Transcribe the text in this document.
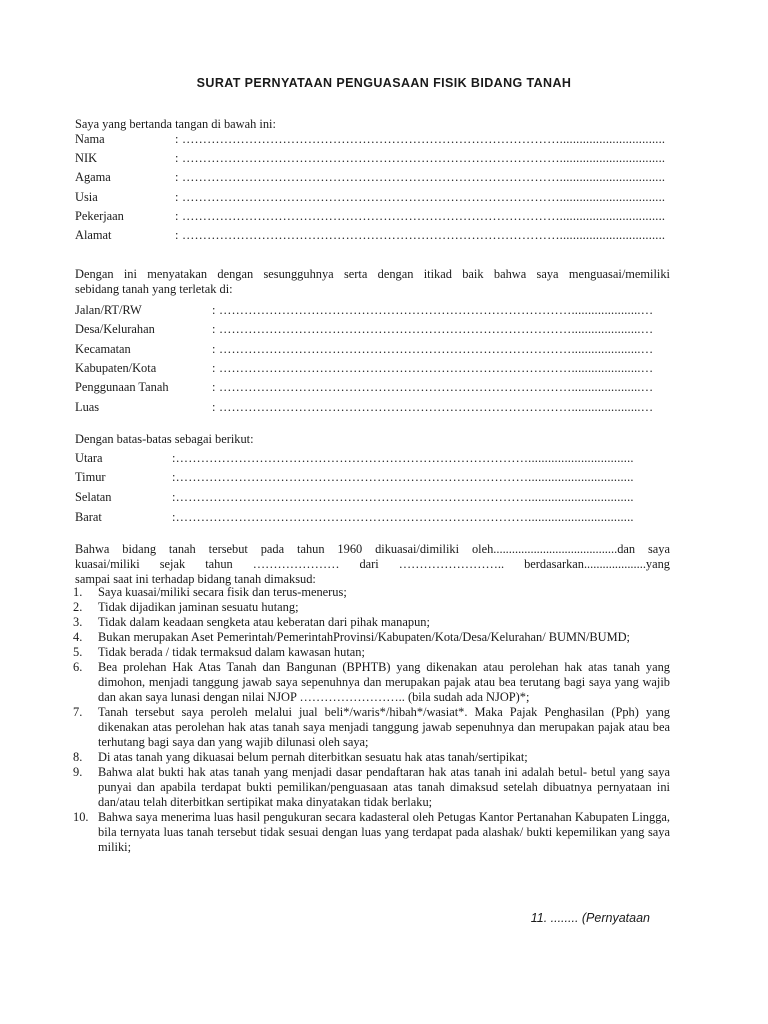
SURAT PERNYATAAN PENGUASAAN FISIK BIDANG TANAH
Saya yang bertanda tangan di bawah ini:
Nama	: ………………………………………………………………………………................................
NIK	: ………………………………………………………………………………................................
Agama	: ………………………………………………………………………………................................
Usia	: ………………………………………………………………………………................................
Pekerjaan	: ………………………………………………………………………………................................
Alamat	: ………………………………………………………………………………................................
Dengan ini menyatakan dengan sesungguhnya serta dengan itikad baik bahwa saya menguasai/memiliki
sebidang tanah yang terletak di:
Jalan/RT/RW	: ………………………………………………………………………….....................…
Desa/Kelurahan	: ………………………………………………………………………….....................…
Kecamatan	: ………………………………………………………………………….....................…
Kabupaten/Kota	: ………………………………………………………………………….....................…
Penggunaan Tanah	: ………………………………………………………………………….....................…
Luas	: ………………………………………………………………………….....................…
Dengan batas-batas sebagai berikut:
Utara	:…………………………………………………………………………................................
Timur	:…………………………………………………………………………................................
Selatan	:…………………………………………………………………………................................
Barat	:…………………………………………………………………………................................
Bahwa bidang tanah tersebut pada tahun 1960 dikuasai/dimiliki oleh........................................dan saya
kuasai/miliki sejak tahun ………………… dari …………………….. berdasarkan....................yang
sampai saat ini terhadap bidang tanah dimaksud:
1. Saya kuasai/miliki secara fisik dan terus-menerus;
2. Tidak dijadikan jaminan sesuatu hutang;
3. Tidak dalam keadaan sengketa atau keberatan dari pihak manapun;
4. Bukan merupakan Aset Pemerintah/PemerintahProvinsi/Kabupaten/Kota/Desa/Kelurahan/ BUMN/BUMD;
5. Tidak berada / tidak termaksud dalam kawasan hutan;
6. Bea prolehan Hak Atas Tanah dan Bangunan (BPHTB) yang dikenakan atau perolehan hak atas tanah yang dimohon, menjadi tanggung jawab saya sepenuhnya dan merupakan pajak atau bea terutang bagi saya yang wajib dan akan saya lunasi dengan nilai NJOP …………………….. (bila sudah ada NJOP)*;
7. Tanah tersebut saya peroleh melalui jual beli*/waris*/hibah*/wasiat*. Maka Pajak Penghasilan (Pph) yang dikenakan atas perolehan hak atas tanah saya menjadi tanggung jawab sepenuhnya dan merupakan pajak atau bea terhutang bagi saya dan yang wajib dilunasi oleh saya;
8. Di atas tanah yang dikuasai belum pernah diterbitkan sesuatu hak atas tanah/sertipikat;
9. Bahwa alat bukti hak atas tanah yang menjadi dasar pendaftaran hak atas tanah ini adalah betul- betul yang saya punyai dan apabila terdapat bukti pemilikan/penguasaan atas tanah dimaksud setelah dibuatnya pernyataan ini dan/atau telah diterbitkan sertipikat maka dinyatakan tidak berlaku;
10. Bahwa saya menerima luas hasil pengukuran secara kadasteral oleh Petugas Kantor Pertanahan Kabupaten Lingga, bila ternyata luas tanah tersebut tidak sesuai dengan luas yang terdapat pada alashak/ bukti kepemilikan yang saya miliki;
11. ........ (Pernyataan
